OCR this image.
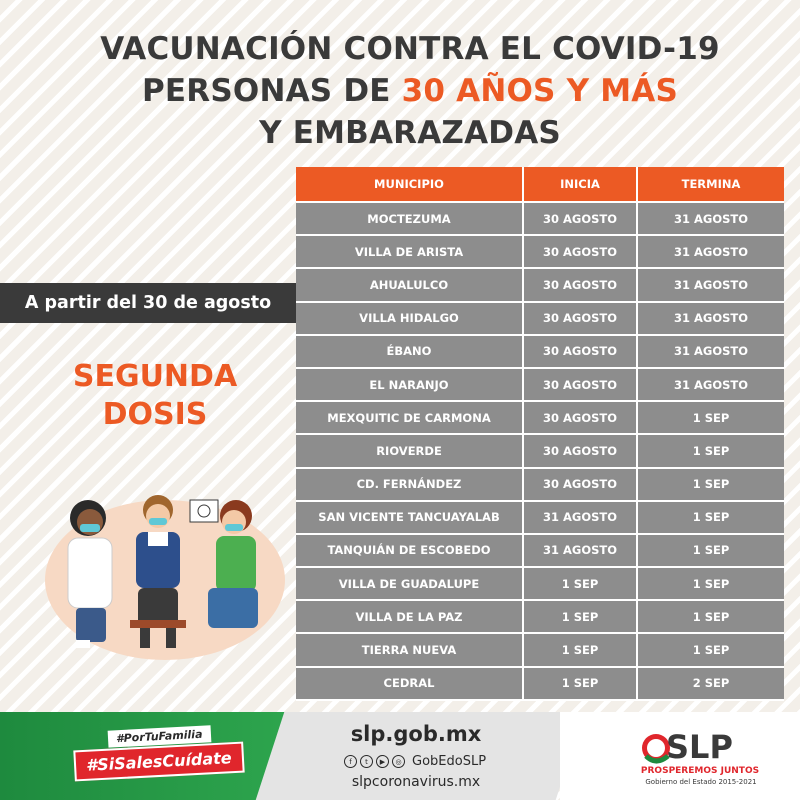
VACUNACIÓN CONTRA EL COVID-19
PERSONAS DE 30 AÑOS Y MÁS
Y EMBARAZADAS
MUNICIPIO	INICIA	TERMINA
MOCTEZUMA	30 AGOSTO	31 AGOSTO
VILLA DE ARISTA	30 AGOSTO	31 AGOSTO
AHUALULCO	30 AGOSTO	31 AGOSTO
VILLA HIDALGO	30 AGOSTO	31 AGOSTO
ÉBANO	30 AGOSTO	31 AGOSTO
EL NARANJO	30 AGOSTO	31 AGOSTO
MEXQUITIC DE CARMONA	30 AGOSTO	1 SEP
RIOVERDE	30 AGOSTO	1 SEP
CD. FERNÁNDEZ	30 AGOSTO	1 SEP
SAN VICENTE TANCUAYALAB	31 AGOSTO	1 SEP
TANQUIÁN DE ESCOBEDO	31 AGOSTO	1 SEP
VILLA DE GUADALUPE	1 SEP	1 SEP
VILLA DE LA PAZ	1 SEP	1 SEP
TIERRA NUEVA	1 SEP	1 SEP
CEDRAL	1 SEP	2 SEP
A partir del 30 de agosto
SEGUNDA
DOSIS
#PorTuFamilia
#SiSalesCuídate
slp.gob.mx
f	t	▶	◎ GobEdoSLP
slpcoronavirus.mx
SLP
PROSPEREMOS JUNTOS
Gobierno del Estado 2015-2021
